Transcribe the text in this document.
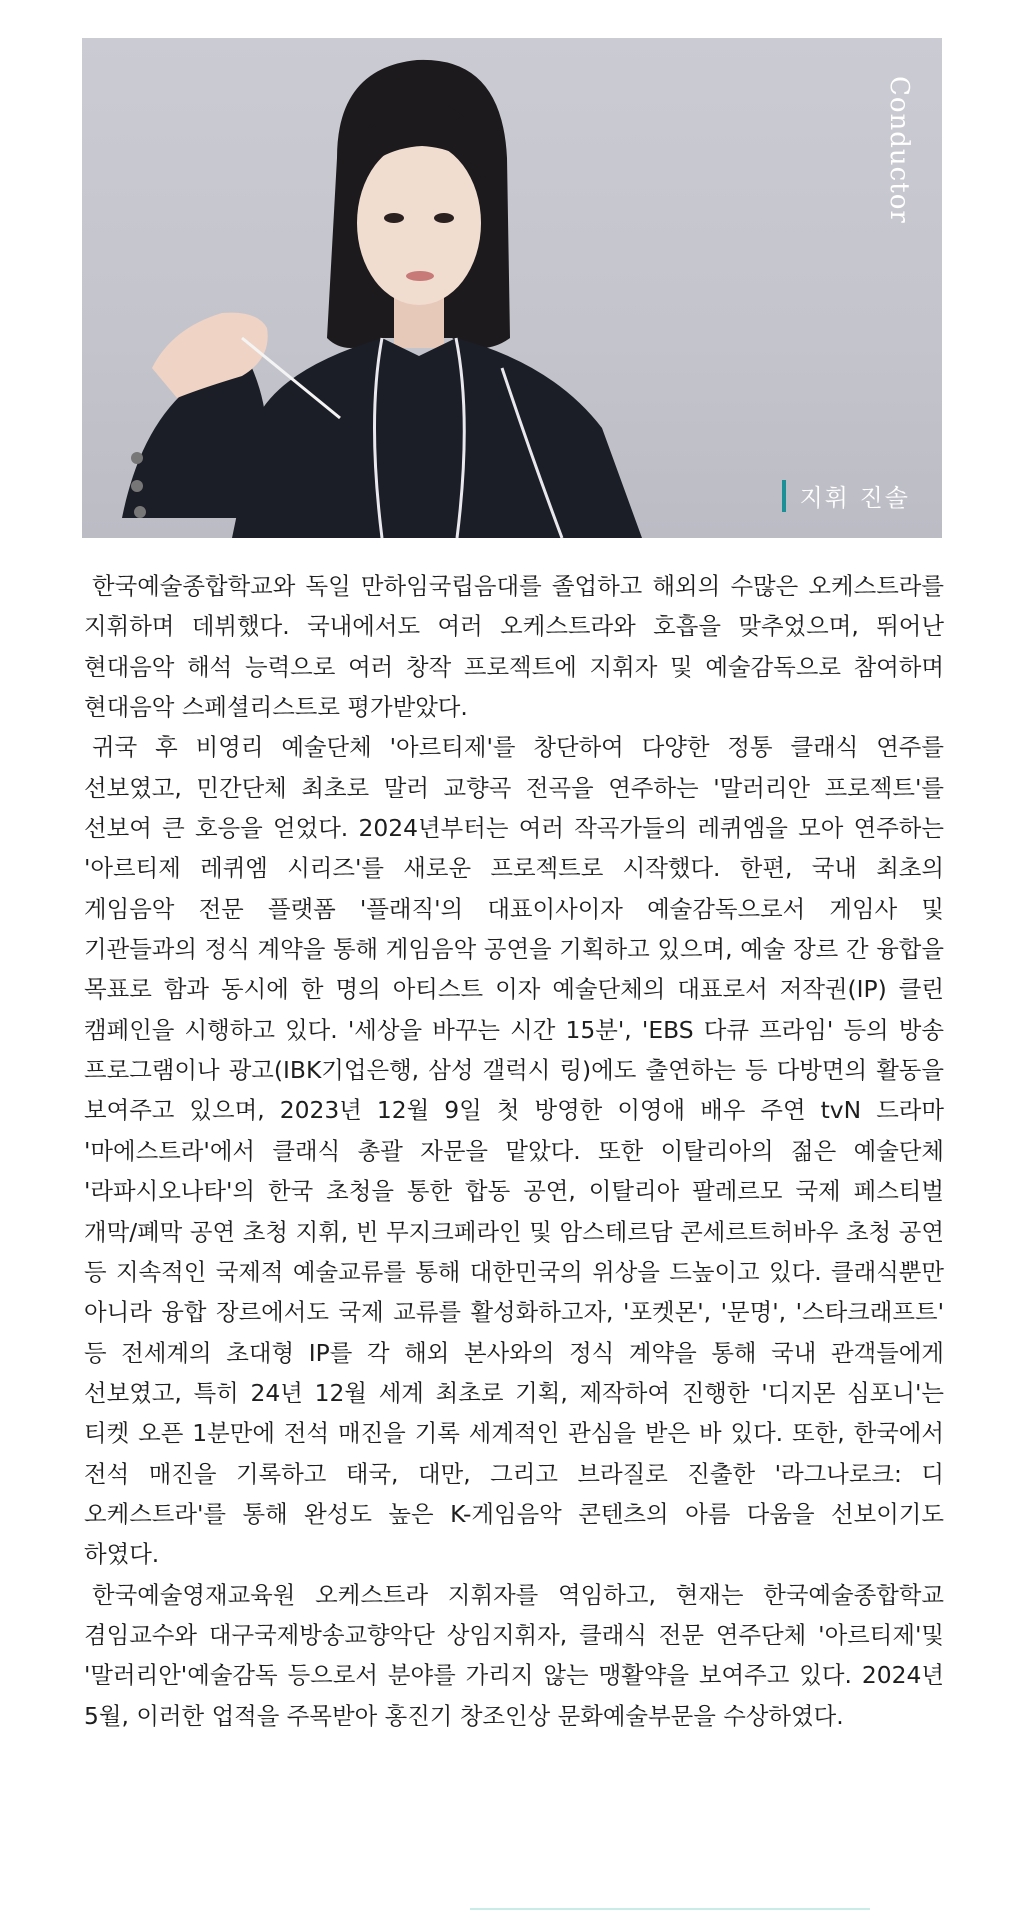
Conductor
지휘 진솔

한국예술종합학교와 독일 만하임국립음대를 졸업하고 해외의 수많은 오케스트라를 지휘하며 데뷔했다. 국내에서도 여러 오케스트라와 호흡을 맞추었으며, 뛰어난 현대음악 해석 능력으로 여러 창작 프로젝트에 지휘자 및 예술감독으로 참여하며 현대음악 스페셜리스트로 평가받았다.

귀국 후 비영리 예술단체 '아르티제'를 창단하여 다양한 정통 클래식 연주를 선보였고, 민간단체 최초로 말러 교향곡 전곡을 연주하는 '말러리안 프로젝트'를 선보여 큰 호응을 얻었다. 2024년부터는 여러 작곡가들의 레퀴엠을 모아 연주하는 '아르티제 레퀴엠 시리즈'를 새로운 프로젝트로 시작했다. 한편, 국내 최초의 게임음악 전문 플랫폼 '플래직'의 대표이사이자 예술감독으로서 게임사 및 기관들과의 정식 계약을 통해 게임음악 공연을 기획하고 있으며, 예술 장르 간 융합을 목표로 함과 동시에 한 명의 아티스트 이자 예술단체의 대표로서 저작권(IP) 클린 캠페인을 시행하고 있다. '세상을 바꾸는 시간 15분', 'EBS 다큐 프라임' 등의 방송 프로그램이나 광고(IBK기업은행, 삼성 갤럭시 링)에도 출연하는 등 다방면의 활동을 보여주고 있으며, 2023년 12월 9일 첫 방영한 이영애 배우 주연 tvN 드라마 '마에스트라'에서 클래식 총괄 자문을 맡았다. 또한 이탈리아의 젊은 예술단체 '라파시오나타'의 한국 초청을 통한 합동 공연, 이탈리아 팔레르모 국제 페스티벌 개막/폐막 공연 초청 지휘, 빈 무지크페라인 및 암스테르담 콘세르트허바우 초청 공연 등 지속적인 국제적 예술교류를 통해 대한민국의 위상을 드높이고 있다. 클래식뿐만 아니라 융합 장르에서도 국제 교류를 활성화하고자, '포켓몬', '문명', '스타크래프트' 등 전세계의 초대형 IP를 각 해외 본사와의 정식 계약을 통해 국내 관객들에게 선보였고, 특히 24년 12월 세계 최초로 기획, 제작하여 진행한 '디지몬 심포니'는 티켓 오픈 1분만에 전석 매진을 기록 세계적인 관심을 받은 바 있다. 또한, 한국에서 전석 매진을 기록하고 태국, 대만, 그리고 브라질로 진출한 '라그나로크: 디 오케스트라'를 통해 완성도 높은 K-게임음악 콘텐츠의 아름 다움을 선보이기도 하였다.

한국예술영재교육원 오케스트라 지휘자를 역임하고, 현재는 한국예술종합학교 겸임교수와 대구국제방송교향악단 상임지휘자, 클래식 전문 연주단체 '아르티제'및 '말러리안'예술감독 등으로서 분야를 가리지 않는 맹활약을 보여주고 있다. 2024년 5월, 이러한 업적을 주목받아 홍진기 창조인상 문화예술부문을 수상하였다.
